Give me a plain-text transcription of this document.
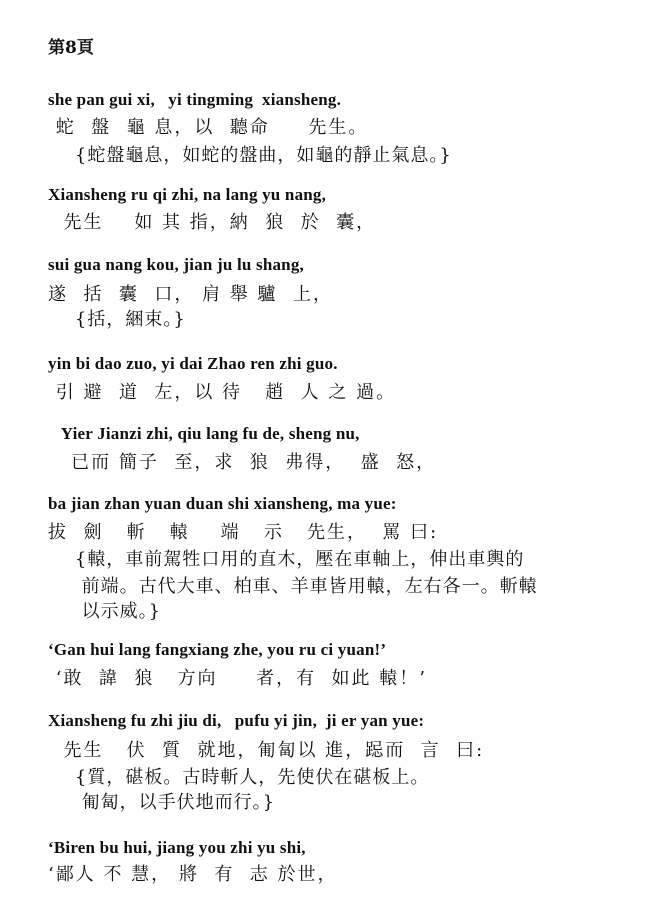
第8頁
she pan gui xi,   yi tingming  xiansheng.
蛇  盤  龜 息，以  聽命     先生。
{蛇盤龜息，如蛇的盤曲，如龜的靜止氣息。}
Xiansheng ru qi zhi, na lang yu nang,
先生    如 其 指，納  狼  於  囊，
sui gua nang kou, jian ju lu shang,
遂  括  囊  口， 肩 舉 驢  上，
{括，綑束。}
yin bi dao zuo, yi dai Zhao ren zhi guo.
引 避  道  左，以 待   趙  人 之 過。
Yier Jianzi zhi, qiu lang fu de, sheng nu,
已而 簡子  至，求  狼  弗得，  盛  怒，
ba jian zhan yuan duan shi xiansheng, ma yue:
拔  劍   斬   轅    端   示   先生，  罵 曰:
{轅，車前駕牲口用的直木，壓在車軸上，伸出車輿的
前端。古代大車、柏車、羊車皆用轅，左右各一。斬轅
以示威。}
‘Gan hui lang fangxiang zhe, you ru ci yuan!’
‘敢  諱  狼   方向     者，有  如此 轅！’
Xiansheng fu zhi jiu di,   pufu yi jin,  ji er yan yue:
先生   伏  質  就地，匍匐以 進，跽而  言  曰:
{質，碪板。古時斬人，先使伏在碪板上。
匍匐，以手伏地而行。}
‘Biren bu hui, jiang you zhi yu shi,
‘鄙人 不 慧， 將  有  志 於世，
